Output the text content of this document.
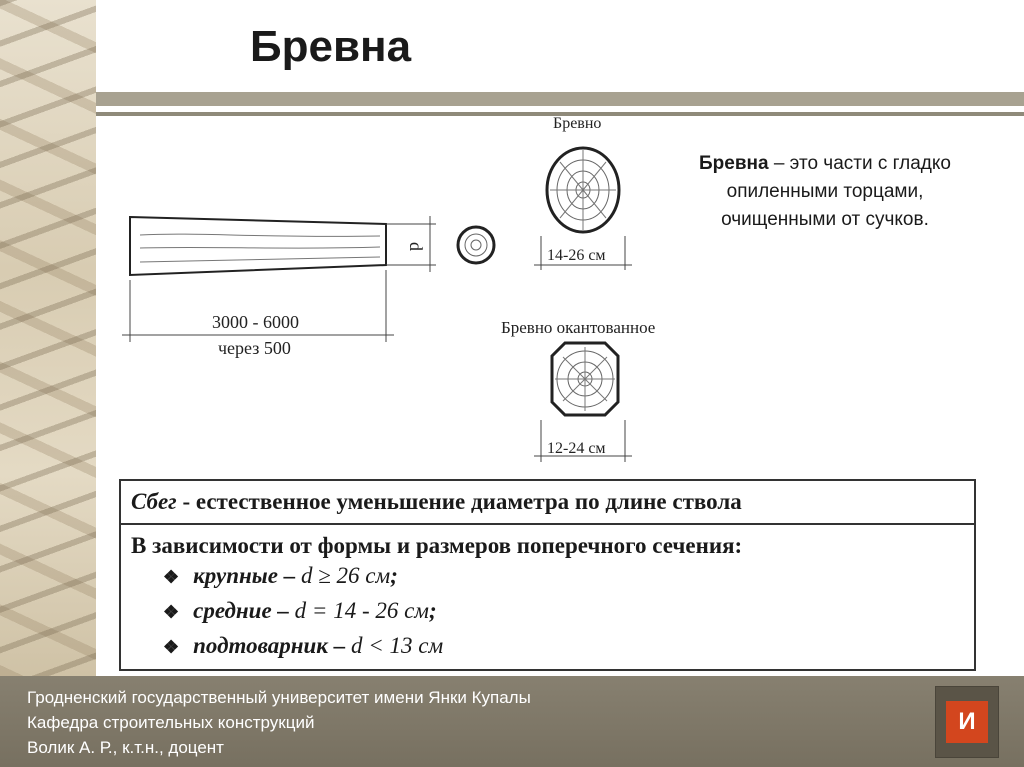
Бревна
Бревно
Бревно окантованное
d
3000 - 6000
через 500
14-26 см
12-24 см
Бревна – это части с гладко опиленными торцами, очищенными от сучков.
Сбег - естественное уменьшение диаметра по длине ствола
В зависимости от формы и размеров поперечного сечения:
❖ крупные – d ≥ 26 см;
❖ средние – d = 14 - 26 см;
❖ подтоварник – d < 13 см
Гродненский государственный университет имени Янки Купалы
Кафедра строительных конструкций
Волик А. Р., к.т.н., доцент
И
